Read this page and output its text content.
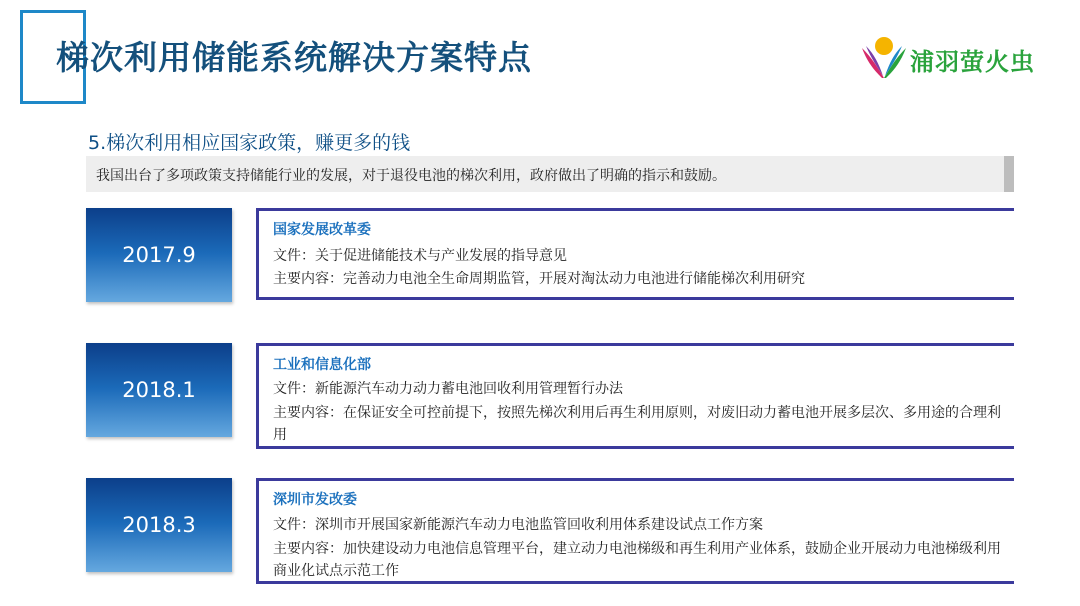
梯次利用储能系统解决方案特点	浦羽萤火虫
5.梯次利用相应国家政策，赚更多的钱
我国出台了多项政策支持储能行业的发展，对于退役电池的梯次利用，政府做出了明确的指示和鼓励。
2017.9
国家发展改革委
文件：关于促进储能技术与产业发展的指导意见
主要内容：完善动力电池全生命周期监管，开展对淘汰动力电池进行储能梯次利用研究
2018.1
工业和信息化部
文件：新能源汽车动力动力蓄电池回收利用管理暂行办法
主要内容：在保证安全可控前提下，按照先梯次利用后再生利用原则，对废旧动力蓄电池开展多层次、多用途的合理利用
2018.3
深圳市发改委
文件：深圳市开展国家新能源汽车动力电池监管回收利用体系建设试点工作方案
主要内容：加快建设动力电池信息管理平台，建立动力电池梯级和再生利用产业体系，鼓励企业开展动力电池梯级利用商业化试点示范工作
